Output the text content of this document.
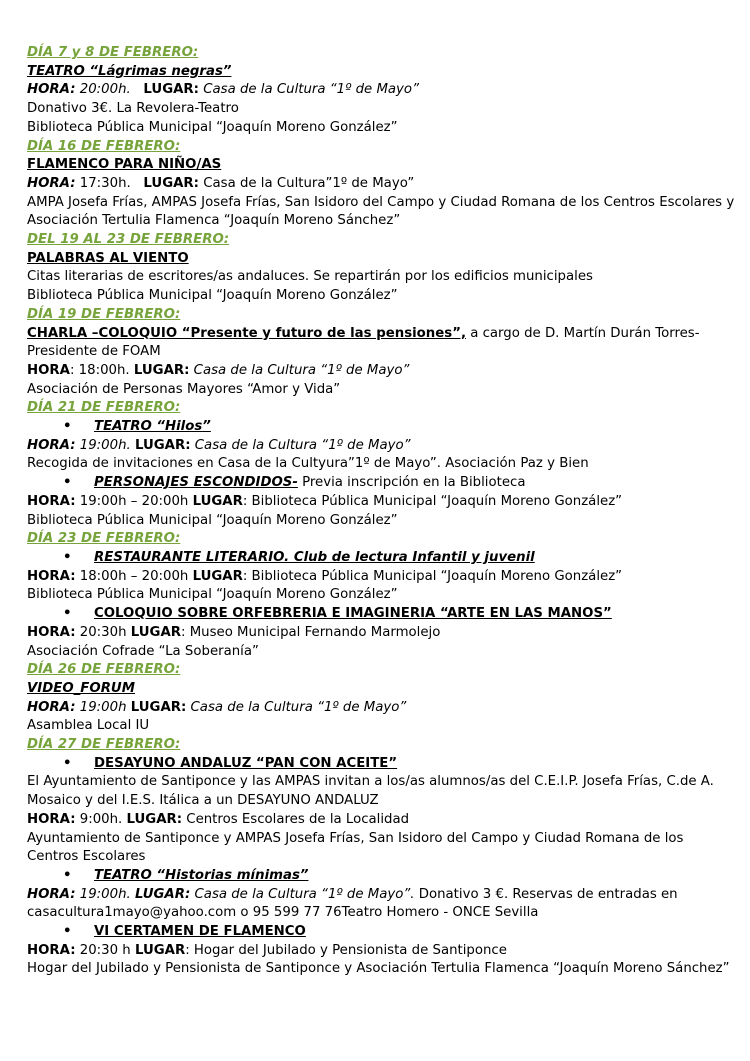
DÍA 7 y 8 DE FEBRERO:
TEATRO “Lágrimas negras”
HORA: 20:00h. LUGAR: Casa de la Cultura “1º de Mayo”
Donativo 3€. La Revolera-Teatro
Biblioteca Pública Municipal “Joaquín Moreno González”
DÍA 16 DE FEBRERO:
FLAMENCO PARA NIÑO/AS
HORA: 17:30h. LUGAR: Casa de la Cultura”1º de Mayo”
AMPA Josefa Frías, AMPAS Josefa Frías, San Isidoro del Campo y Ciudad Romana de los Centros Escolares y Asociación Tertulia Flamenca “Joaquín Moreno Sánchez”
DEL 19 AL 23 DE FEBRERO:
PALABRAS AL VIENTO
Citas literarias de escritores/as andaluces. Se repartirán por los edificios municipales
Biblioteca Pública Municipal “Joaquín Moreno González”
DÍA 19 DE FEBRERO:
CHARLA –COLOQUIO “Presente y futuro de las pensiones”, a cargo de D. Martín Durán Torres-Presidente de FOAM
HORA: 18:00h. LUGAR: Casa de la Cultura “1º de Mayo”
Asociación de Personas Mayores “Amor y Vida”
DÍA 21 DE FEBRERO:
• TEATRO “Hilos”
HORA: 19:00h. LUGAR: Casa de la Cultura “1º de Mayo”
Recogida de invitaciones en Casa de la Cultyura”1º de Mayo”. Asociación Paz y Bien
• PERSONAJES ESCONDIDOS- Previa inscripción en la Biblioteca
HORA: 19:00h – 20:00h LUGAR: Biblioteca Pública Municipal “Joaquín Moreno González”
Biblioteca Pública Municipal “Joaquín Moreno González”
DÍA 23 DE FEBRERO:
• RESTAURANTE LITERARIO. Club de lectura Infantil y juvenil
HORA: 18:00h – 20:00h LUGAR: Biblioteca Pública Municipal “Joaquín Moreno González”
Biblioteca Pública Municipal “Joaquín Moreno González”
• COLOQUIO SOBRE ORFEBRERIA E IMAGINERIA “ARTE EN LAS MANOS”
HORA: 20:30h LUGAR: Museo Municipal Fernando Marmolejo
Asociación Cofrade “La Soberanía”
DÍA 26 DE FEBRERO:
VIDEO_FORUM
HORA: 19:00h LUGAR: Casa de la Cultura “1º de Mayo”
Asamblea Local IU
DÍA 27 DE FEBRERO:
• DESAYUNO ANDALUZ “PAN CON ACEITE”
El Ayuntamiento de Santiponce y las AMPAS invitan a los/as alumnos/as del C.E.I.P. Josefa Frías, C.de A. Mosaico y del I.E.S. Itálica a un DESAYUNO ANDALUZ
HORA: 9:00h. LUGAR: Centros Escolares de la Localidad
Ayuntamiento de Santiponce y AMPAS Josefa Frías, San Isidoro del Campo y Ciudad Romana de los Centros Escolares
• TEATRO “Historias mínimas”
HORA: 19:00h. LUGAR: Casa de la Cultura “1º de Mayo”. Donativo 3 €. Reservas de entradas en casacultura1mayo@yahoo.com o 95 599 77 76Teatro Homero - ONCE Sevilla
• VI CERTAMEN DE FLAMENCO
HORA: 20:30 h LUGAR: Hogar del Jubilado y Pensionista de Santiponce
Hogar del Jubilado y Pensionista de Santiponce y Asociación Tertulia Flamenca “Joaquín Moreno Sánchez”
